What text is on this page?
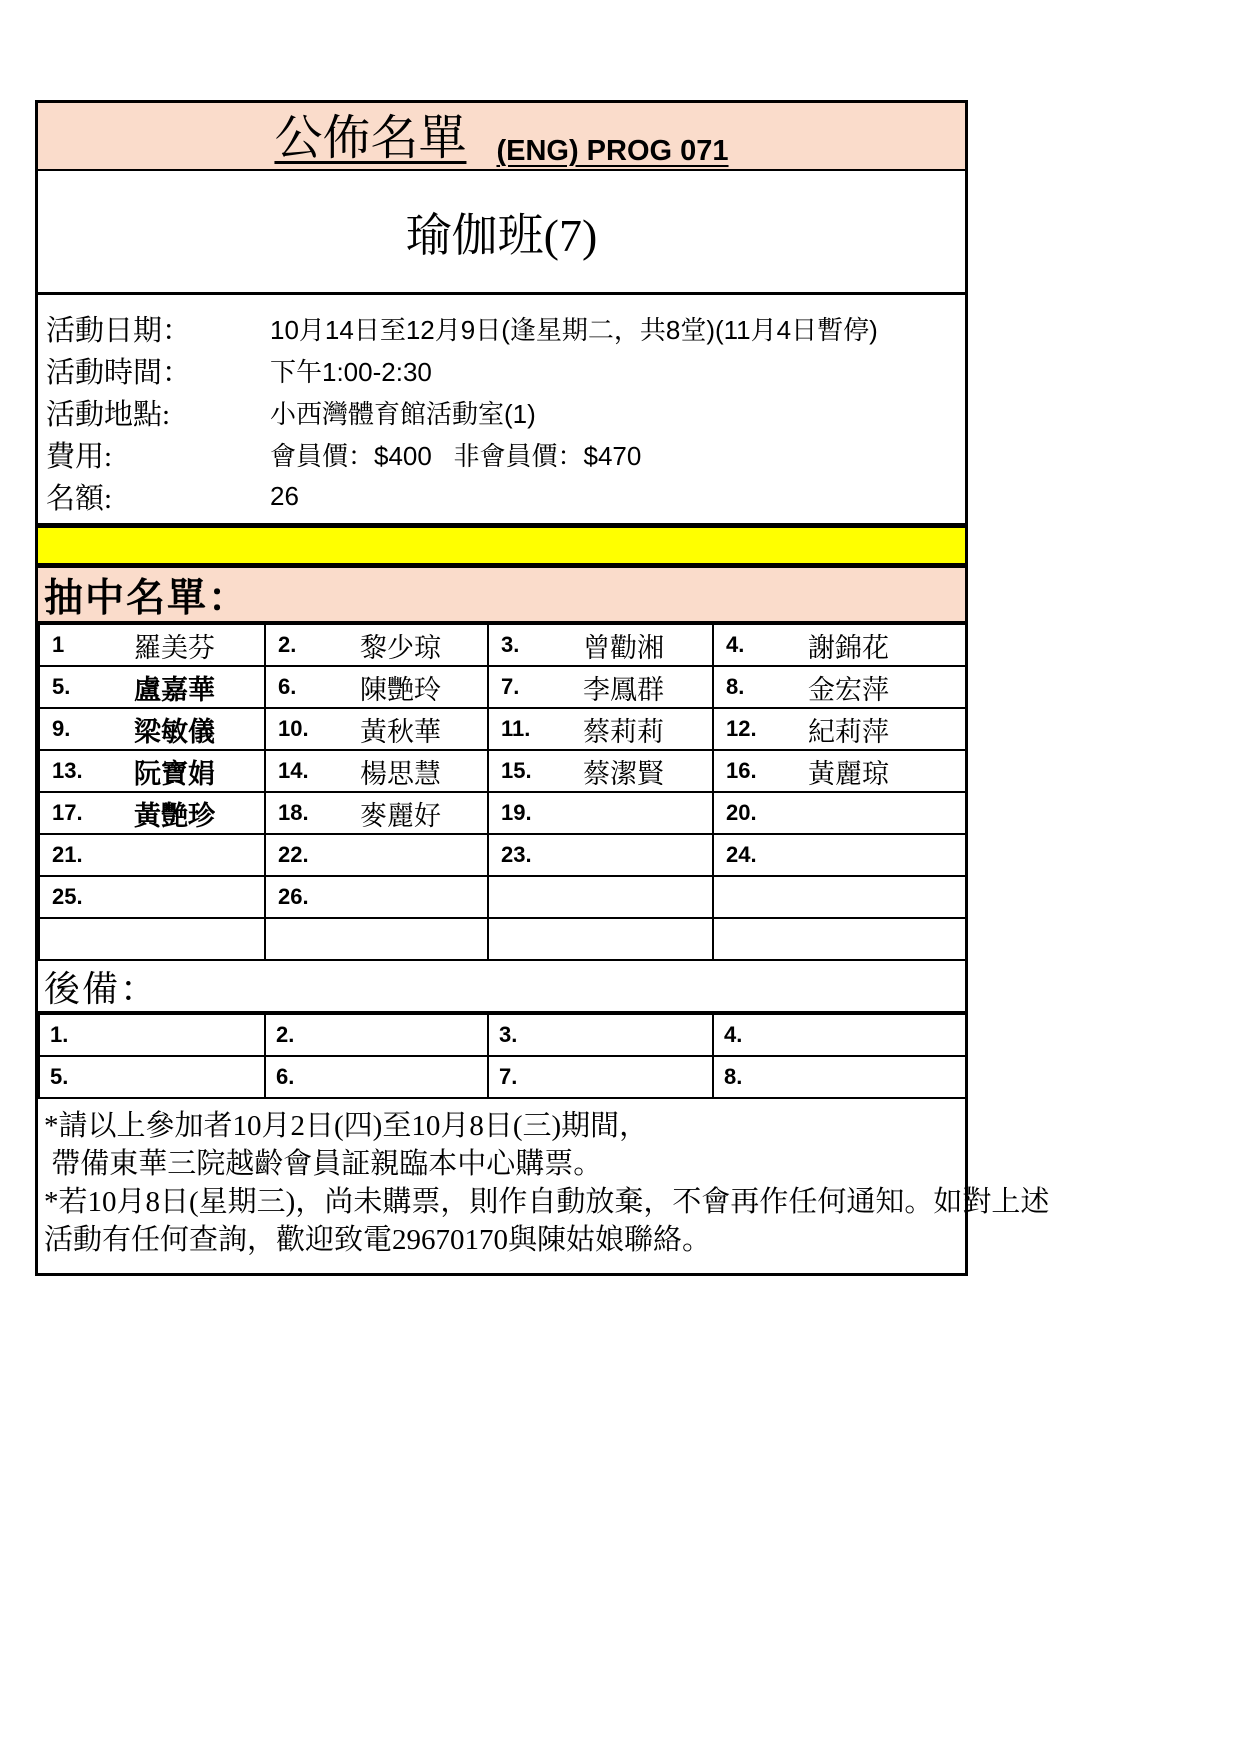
公佈名單 (ENG) PROG 071
瑜伽班(7)
活動日期：	10月14日至12月9日(逢星期二，共8堂)(11月4日暫停)
活動時間：	下午1:00-2:30
活動地點:	小西灣體育館活動室(1)
費用:	會員價：$400   非會員價：$470
名額:	26
抽中名單：
1 羅美芬	2. 黎少琼	3. 曾勸湘	4. 謝錦花

5. 盧嘉華	6. 陳艷玲	7. 李鳳群	8. 金宏萍

9. 梁敏儀	10. 黃秋華	11. 蔡莉莉	12. 紀莉萍

13. 阮寶娟	14. 楊思慧	15. 蔡潔賢	16. 黃麗琼

17. 黃艷珍	18. 麥麗好	19.	20.

21.	22.	23.	24.

25.	26.		

後備：
1.	2.	3.	4.

5.	6.	7.	8.
*請以上參加者10月2日(四)至10月8日(三)期間，
帶備東華三院越齡會員証親臨本中心購票。
*若10月8日(星期三)，尚未購票，則作自動放棄，不會再作任何通知。如對上述
活動有任何查詢，歡迎致電29670170與陳姑娘聯絡。
